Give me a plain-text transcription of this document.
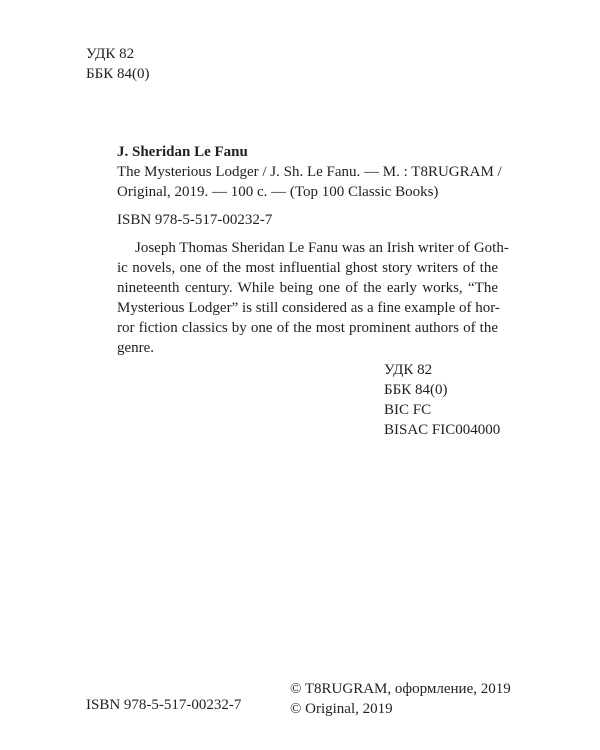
УДК 82
ББК 84(0)
J. Sheridan Le Fanu
The Mysterious Lodger / J. Sh. Le Fanu. — M. : T8RUGRAM /
Original, 2019. — 100 с. — (Top 100 Classic Books)
ISBN 978-5-517-00232-7
Joseph Thomas Sheridan Le Fanu was an Irish writer of Goth-
ic novels, one of the most influential ghost story writers of the
nineteenth century. While being one of the early works, “The
Mysterious Lodger” is still considered as a fine example of hor-
ror fiction classics by one of the most prominent authors of the
genre.
УДК 82
ББК 84(0)
BIC FC
BISAC FIC004000
© T8RUGRAM, оформление, 2019
© Original, 2019
ISBN 978-5-517-00232-7
